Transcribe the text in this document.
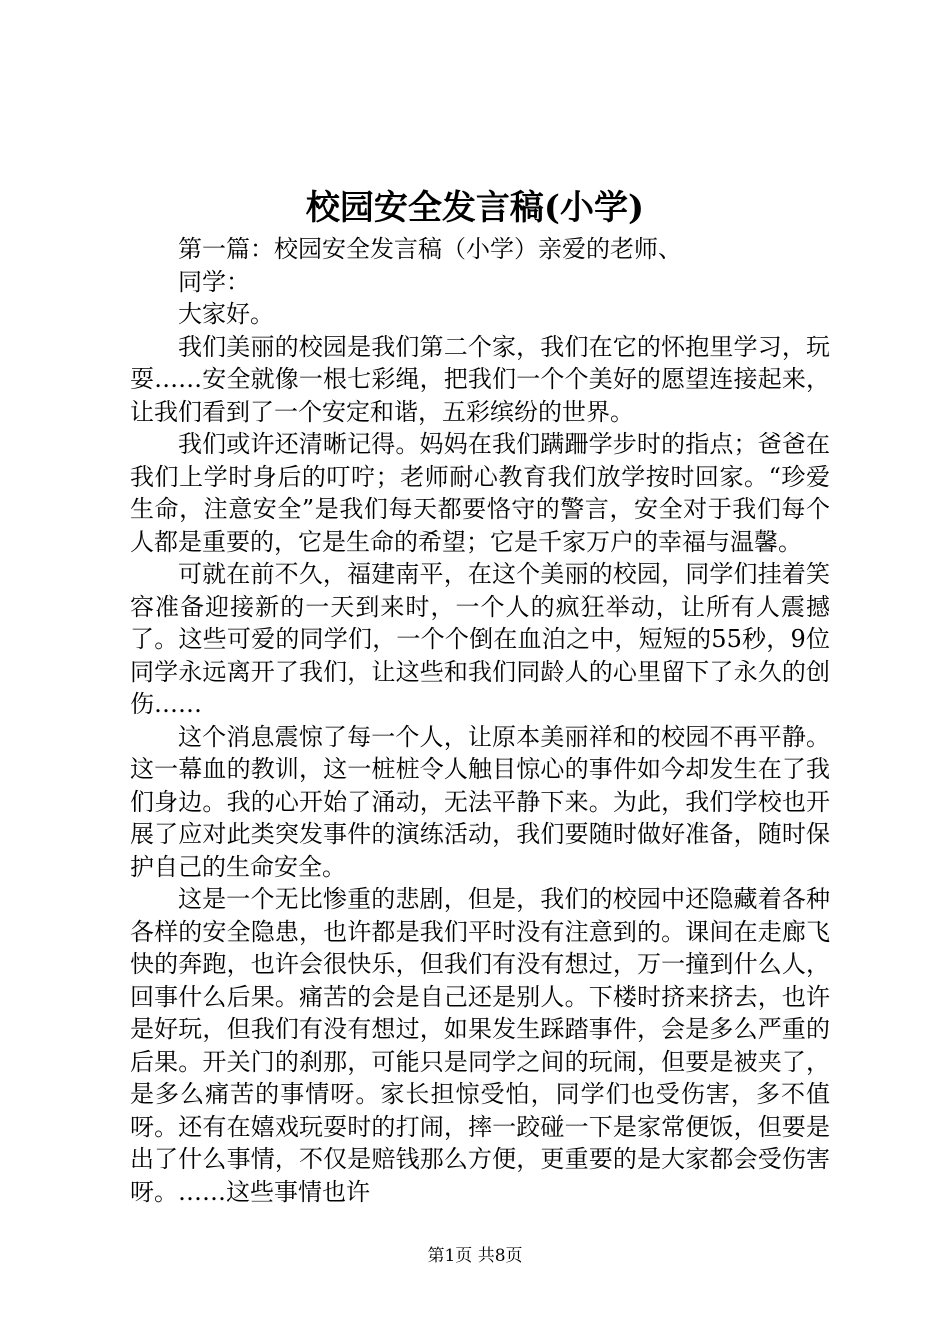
校园安全发言稿(小学)

第一篇：校园安全发言稿（小学）亲爱的老师、

同学：

大家好。

我们美丽的校园是我们第二个家，我们在它的怀抱里学习，玩耍……安全就像一根七彩绳，把我们一个个美好的愿望连接起来，让我们看到了一个安定和谐，五彩缤纷的世界。

我们或许还清晰记得。妈妈在我们蹒跚学步时的指点；爸爸在我们上学时身后的叮咛；老师耐心教育我们放学按时回家。“珍爱生命，注意安全”是我们每天都要恪守的警言，安全对于我们每个人都是重要的，它是生命的希望；它是千家万户的幸福与温馨。

可就在前不久，福建南平，在这个美丽的校园，同学们挂着笑容准备迎接新的一天到来时，一个人的疯狂举动，让所有人震撼了。这些可爱的同学们，一个个倒在血泊之中，短短的55秒，9位同学永远离开了我们，让这些和我们同龄人的心里留下了永久的创伤……

这个消息震惊了每一个人，让原本美丽祥和的校园不再平静。这一幕血的教训，这一桩桩令人触目惊心的事件如今却发生在了我们身边。我的心开始了涌动，无法平静下来。为此，我们学校也开展了应对此类突发事件的演练活动，我们要随时做好准备，随时保护自己的生命安全。

这是一个无比惨重的悲剧，但是，我们的校园中还隐藏着各种各样的安全隐患，也许都是我们平时没有注意到的。课间在走廊飞快的奔跑，也许会很快乐，但我们有没有想过，万一撞到什么人，回事什么后果。痛苦的会是自己还是别人。下楼时挤来挤去，也许是好玩，但我们有没有想过，如果发生踩踏事件，会是多么严重的后果。开关门的刹那，可能只是同学之间的玩闹，但要是被夹了，是多么痛苦的事情呀。家长担惊受怕，同学们也受伤害，多不值呀。还有在嬉戏玩耍时的打闹，摔一跤碰一下是家常便饭，但要是出了什么事情，不仅是赔钱那么方便，更重要的是大家都会受伤害呀。……这些事情也许

第1页 共8页
